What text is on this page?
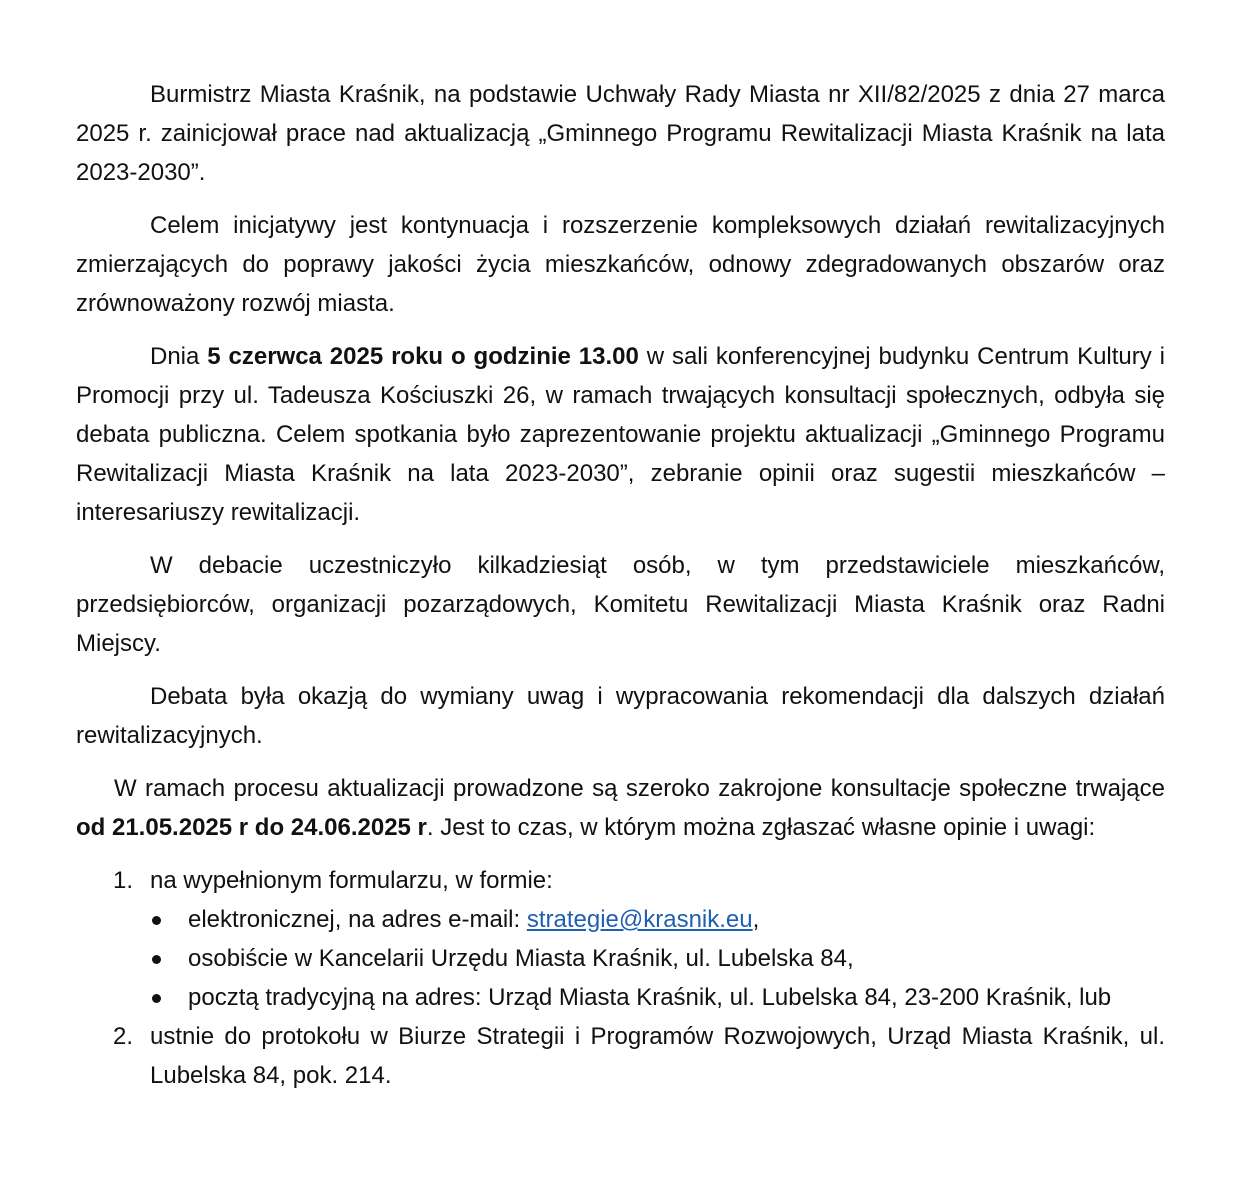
Burmistrz Miasta Kraśnik, na podstawie Uchwały Rady Miasta nr XII/82/2025 z dnia 27 marca 2025 r. zainicjował prace nad aktualizacją „Gminnego Programu Rewitalizacji Miasta Kraśnik na lata 2023-2030”.

Celem inicjatywy jest kontynuacja i rozszerzenie kompleksowych działań rewitalizacyjnych zmierzających do poprawy jakości życia mieszkańców, odnowy zdegradowanych obszarów oraz zrównoważony rozwój miasta.

Dnia 5 czerwca 2025 roku o godzinie 13.00 w sali konferencyjnej budynku Centrum Kultury i Promocji przy ul. Tadeusza Kościuszki 26, w ramach trwających konsultacji społecznych, odbyła się debata publiczna. Celem spotkania było zaprezentowanie projektu aktualizacji „Gminnego Programu Rewitalizacji Miasta Kraśnik na lata 2023-2030”, zebranie opinii oraz sugestii mieszkańców – interesariuszy rewitalizacji.

W debacie uczestniczyło kilkadziesiąt osób, w tym przedstawiciele mieszkańców, przedsiębiorców, organizacji pozarządowych, Komitetu Rewitalizacji Miasta Kraśnik oraz Radni Miejscy.

Debata była okazją do wymiany uwag i wypracowania rekomendacji dla dalszych działań rewitalizacyjnych.

W ramach procesu aktualizacji prowadzone są szeroko zakrojone konsultacje społeczne trwające od 21.05.2025 r do 24.06.2025 r. Jest to czas, w którym można zgłaszać własne opinie i uwagi:

1. na wypełnionym formularzu, w formie:
elektronicznej, na adres e-mail: strategie@krasnik.eu,
osobiście w Kancelarii Urzędu Miasta Kraśnik, ul. Lubelska 84,
pocztą tradycyjną na adres: Urząd Miasta Kraśnik, ul. Lubelska 84, 23-200 Kraśnik, lub
2. ustnie do protokołu w Biurze Strategii i Programów Rozwojowych, Urząd Miasta Kraśnik, ul. Lubelska 84, pok. 214.
